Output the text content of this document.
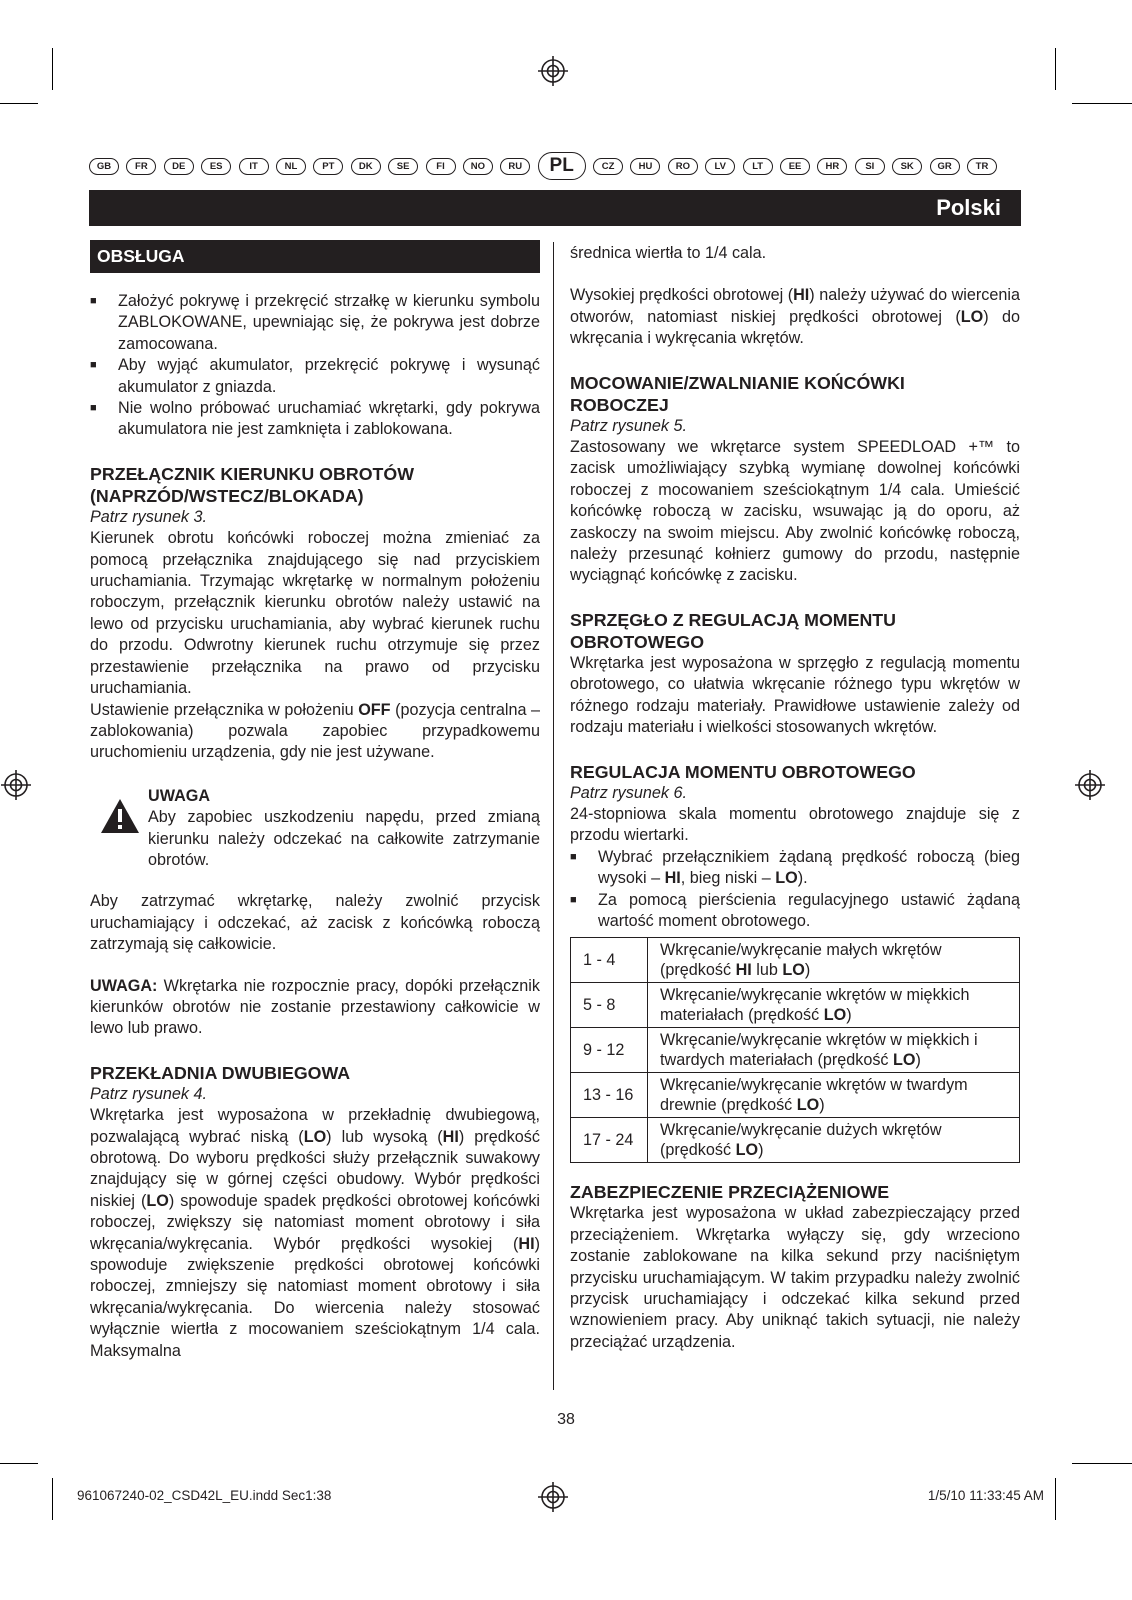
GB	FR	DE	ES	IT	NL	PT	DK	SE	FI	NO	RU	PL	CZ	HU	RO	LV	LT	EE	HR	SI	SK	GR	TR
Polski
OBSŁUGA
■ Założyć pokrywę i przekręcić strzałkę w kierunku symbolu ZABLOKOWANE, upewniając się, że pokrywa jest dobrze zamocowana.
■ Aby wyjąć akumulator, przekręcić pokrywę i wysunąć akumulator z gniazda.
■ Nie wolno próbować uruchamiać wkrętarki, gdy pokrywa akumulatora nie jest zamknięta i zablokowana.
PRZEŁĄCZNIK KIERUNKU OBROTÓW
(NAPRZÓD/WSTECZ/BLOKADA)

Patrz rysunek 3.

Kierunek obrotu końcówki roboczej można zmieniać za pomocą przełącznika znajdującego się nad przyciskiem uruchamiania. Trzymając wkrętarkę w normalnym położeniu roboczym, przełącznik kierunku obrotów należy ustawić na lewo od przycisku uruchamiania, aby wybrać kierunek ruchu do przodu. Odwrotny kierunek ruchu otrzymuje się przez przestawienie przełącznika na prawo od przycisku uruchamiania.

Ustawienie przełącznika w położeniu OFF (pozycja centralna – zablokowania) pozwala zapobiec przypadkowemu uruchomieniu urządzenia, gdy nie jest używane.

UWAGA

Aby zapobiec uszkodzeniu napędu, przed zmianą kierunku należy odczekać na całkowite zatrzymanie obrotów.

Aby zatrzymać wkrętarkę, należy zwolnić przycisk uruchamiający i odczekać, aż zacisk z końcówką roboczą zatrzymają się całkowicie.

UWAGA: Wkrętarka nie rozpocznie pracy, dopóki przełącznik kierunków obrotów nie zostanie przestawiony całkowicie w lewo lub prawo.

PRZEKŁADNIA DWUBIEGOWA

Patrz rysunek 4.

Wkrętarka jest wyposażona w przekładnię dwubiegową, pozwalającą wybrać niską (LO) lub wysoką (HI) prędkość obrotową. Do wyboru prędkości służy przełącznik suwakowy znajdujący się w górnej części obudowy. Wybór prędkości niskiej (LO) spowoduje spadek prędkości obrotowej końcówki roboczej, zwiększy się natomiast moment obrotowy i siła wkręcania/wykręcania. Wybór prędkości wysokiej (HI) spowoduje zwiększenie prędkości obrotowej końcówki roboczej, zmniejszy się natomiast moment obrotowy i siła wkręcania/wykręcania. Do wiercenia należy stosować wyłącznie wiertła z mocowaniem sześciokątnym 1/4 cala. Maksymalna

średnica wiertła to 1/4 cala.

Wysokiej prędkości obrotowej (HI) należy używać do wiercenia otworów, natomiast niskiej prędkości obrotowej (LO) do wkręcania i wykręcania wkrętów.

MOCOWANIE/ZWALNIANIE KOŃCÓWKI
ROBOCZEJ

Patrz rysunek 5.

Zastosowany we wkrętarce system SPEEDLOAD +™ to zacisk umożliwiający szybką wymianę dowolnej końcówki roboczej z mocowaniem sześciokątnym 1/4 cala. Umieścić końcówkę roboczą w zacisku, wsuwając ją do oporu, aż zaskoczy na swoim miejscu. Aby zwolnić końcówkę roboczą, należy przesunąć kołnierz gumowy do przodu, następnie wyciągnąć końcówkę z zacisku.

SPRZĘGŁO Z REGULACJĄ MOMENTU
OBROTOWEGO

Wkrętarka jest wyposażona w sprzęgło z regulacją momentu obrotowego, co ułatwia wkręcanie różnego typu wkrętów w różnego rodzaju materiały. Prawidłowe ustawienie zależy od rodzaju materiału i wielkości stosowanych wkrętów.

REGULACJA MOMENTU OBROTOWEGO

Patrz rysunek 6.

24-stopniowa skala momentu obrotowego znajduje się z przodu wiertarki.

■ Wybrać przełącznikiem żądaną prędkość roboczą (bieg wysoki – HI, bieg niski – LO).
■ Za pomocą pierścienia regulacyjnego ustawić żądaną wartość moment obrotowego.
1 - 4	Wkręcanie/wykręcanie małych wkrętów (prędkość HI lub LO)
5 - 8	Wkręcanie/wykręcanie wkrętów w miękkich materiałach (prędkość LO)
9 - 12	Wkręcanie/wykręcanie wkrętów w miękkich i twardych materiałach (prędkość LO)
13 - 16	Wkręcanie/wykręcanie wkrętów w twardym drewnie (prędkość LO)
17 - 24	Wkręcanie/wykręcanie dużych wkrętów (prędkość LO)
ZABEZPIECZENIE PRZECIĄŻENIOWE

Wkrętarka jest wyposażona w układ zabezpieczający przed przeciążeniem. Wkrętarka wyłączy się, gdy wrzeciono zostanie zablokowane na kilka sekund przy naciśniętym przycisku uruchamiającym. W takim przypadku należy zwolnić przycisk uruchamiający i odczekać kilka sekund przed wznowieniem pracy. Aby uniknąć takich sytuacji, nie należy przeciążać urządzenia.

38
961067240-02_CSD42L_EU.indd Sec1:38	1/5/10 11:33:45 AM
